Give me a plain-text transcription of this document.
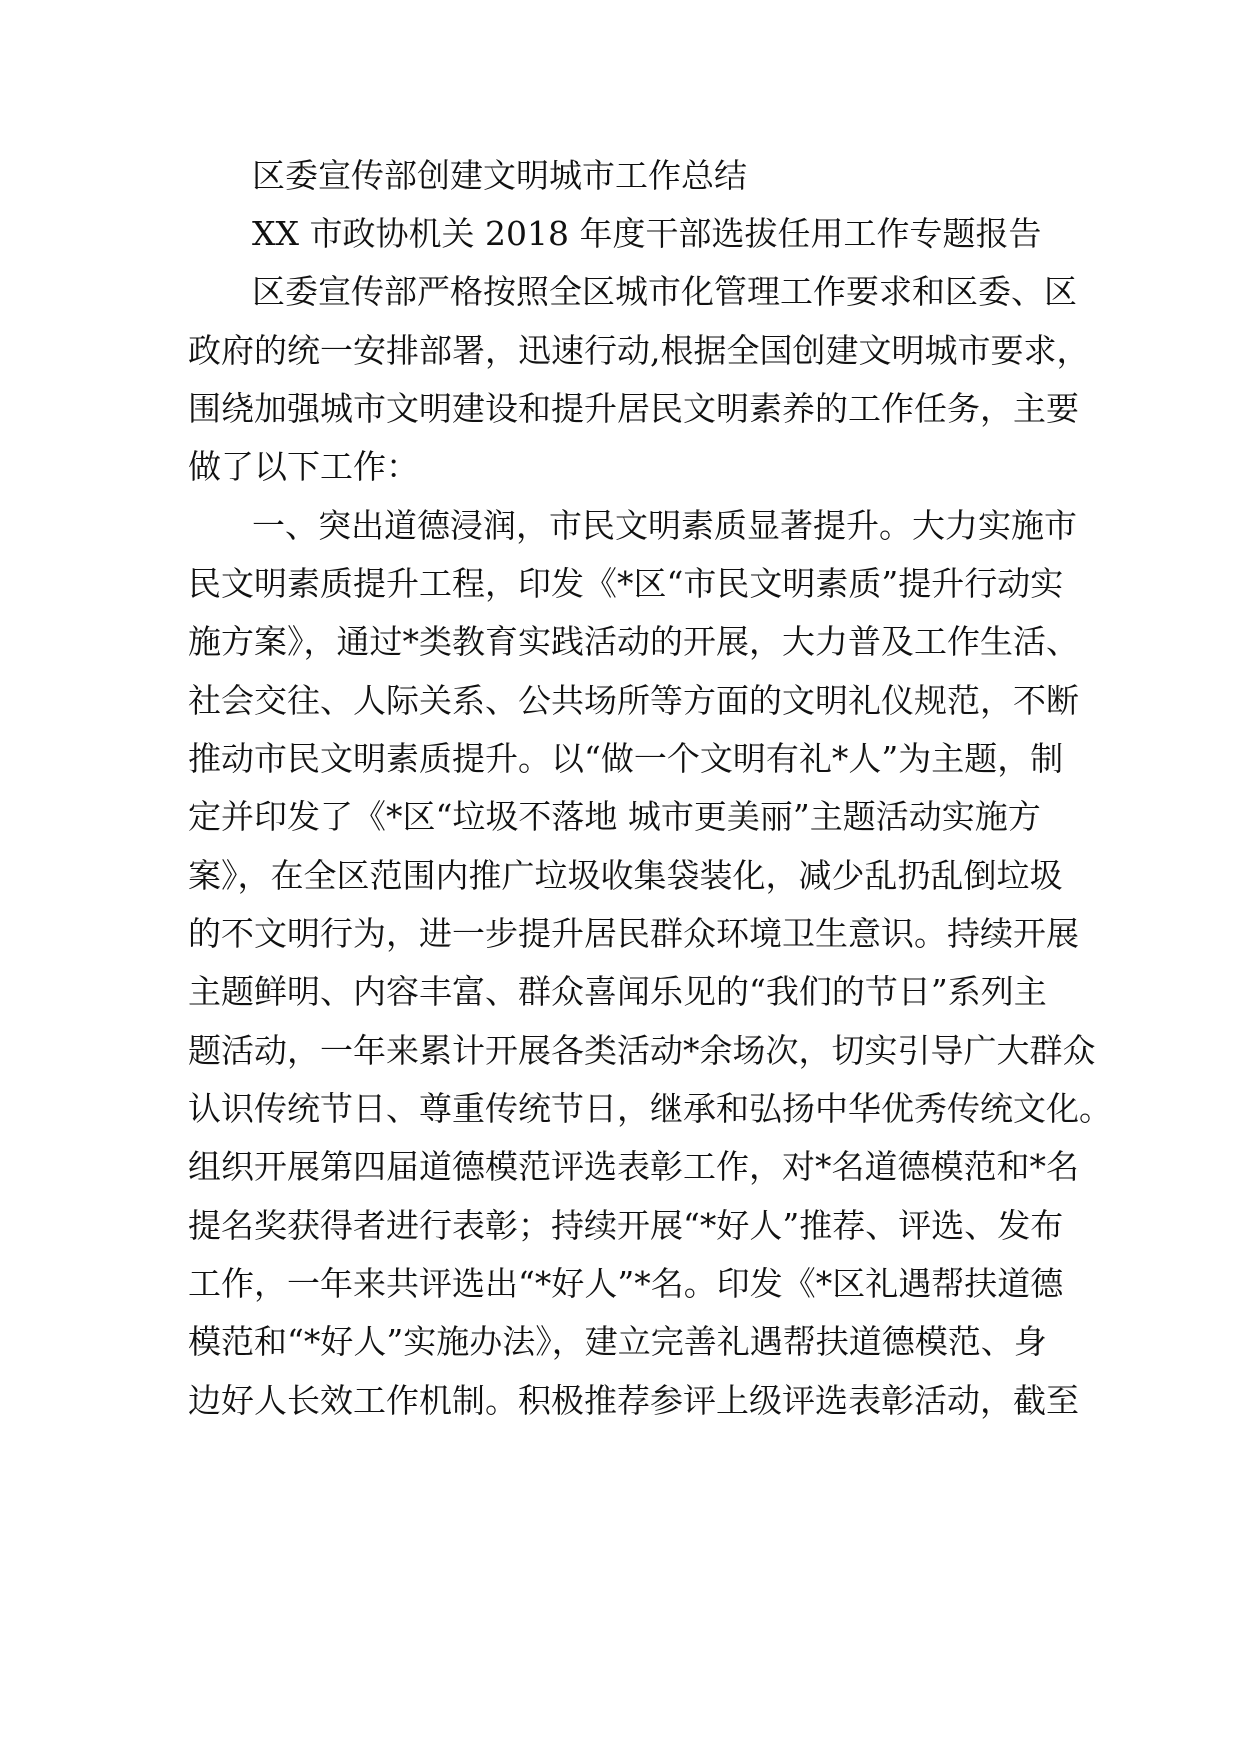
区委宣传部创建文明城市工作总结
XX 市政协机关 2018 年度干部选拔任用工作专题报告
区委宣传部严格按照全区城市化管理工作要求和区委、区
政府的统一安排部署，迅速行动,根据全国创建文明城市要求，
围绕加强城市文明建设和提升居民文明素养的工作任务，主要
做了以下工作：
一、突出道德浸润，市民文明素质显著提升。大力实施市
民文明素质提升工程，印发《*区“市民文明素质”提升行动实
施方案》，通过*类教育实践活动的开展，大力普及工作生活、
社会交往、人际关系、公共场所等方面的文明礼仪规范，不断
推动市民文明素质提升。以“做一个文明有礼*人”为主题，制
定并印发了《*区“垃圾不落地 城市更美丽”主题活动实施方
案》，在全区范围内推广垃圾收集袋装化，减少乱扔乱倒垃圾
的不文明行为，进一步提升居民群众环境卫生意识。持续开展
主题鲜明、内容丰富、群众喜闻乐见的“我们的节日”系列主
题活动，一年来累计开展各类活动*余场次，切实引导广大群众
认识传统节日、尊重传统节日，继承和弘扬中华优秀传统文化。
组织开展第四届道德模范评选表彰工作，对*名道德模范和*名
提名奖获得者进行表彰；持续开展“*好人”推荐、评选、发布
工作，一年来共评选出“*好人”*名。印发《*区礼遇帮扶道德
模范和“*好人”实施办法》，建立完善礼遇帮扶道德模范、身
边好人长效工作机制。积极推荐参评上级评选表彰活动，截至
